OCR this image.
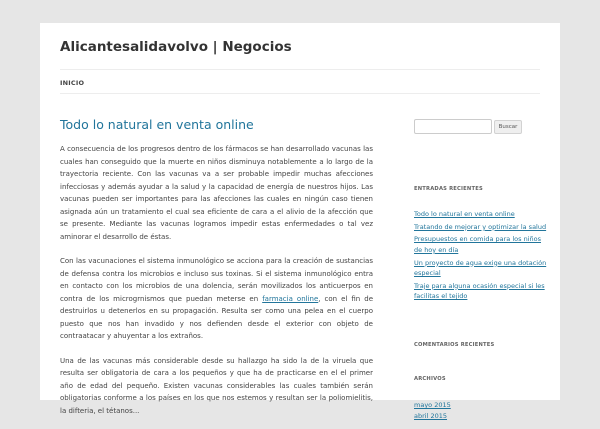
Alicantesalidavolvo | Negocios
INICIO
Todo lo natural en venta online

A consecuencia de los progresos dentro de los fármacos se han desarrollado vacunas las cuales han conseguido que la muerte en niños disminuya notablemente a lo largo de la trayectoria reciente. Con las vacunas va a ser probable impedir muchas afecciones infecciosas y además ayudar a la salud y la capacidad de energía de nuestros hijos. Las vacunas pueden ser importantes para las afecciones las cuales en ningún caso tienen asignada aún un tratamiento el cual sea eficiente de cara a el alivio de la afección que se presente. Mediante las vacunas logramos impedir estas enfermedades o tal vez aminorar el desarrollo de éstas.

Con las vacunaciones el sistema inmunológico se acciona para la creación de sustancias de defensa contra los microbios e incluso sus toxinas. Si el sistema inmunológico entra en contacto con los microbios de una dolencia, serán movilizados los anticuerpos en contra de los microgrnismos que puedan meterse en farmacia online, con el fin de destruirlos u detenerlos en su propagación. Resulta ser como una pelea en el cuerpo puesto que nos han invadido y nos defienden desde el exterior con objeto de contraatacar y ahuyentar a los extraños.

Una de las vacunas más considerable desde su hallazgo ha sido la de la viruela que resulta ser obligatoria de cara a los pequeños y que ha de practicarse en el el primer año de edad del pequeño. Existen vacunas considerables las cuales también serán obligatorias conforme a los países en los que nos estemos y resultan ser la poliomielitis, la difteria, el tétanos...

Buscar
ENTRADAS RECIENTES
Todo lo natural en venta online
Tratando de mejorar y optimizar la salud
Presupuestos en comida para los niños de hoy en día
Un proyecto de agua exige una dotación especial
Traje para alguna ocasión especial si les facilitas el tejido
COMENTARIOS RECIENTES
ARCHIVOS
mayo 2015
abril 2015
